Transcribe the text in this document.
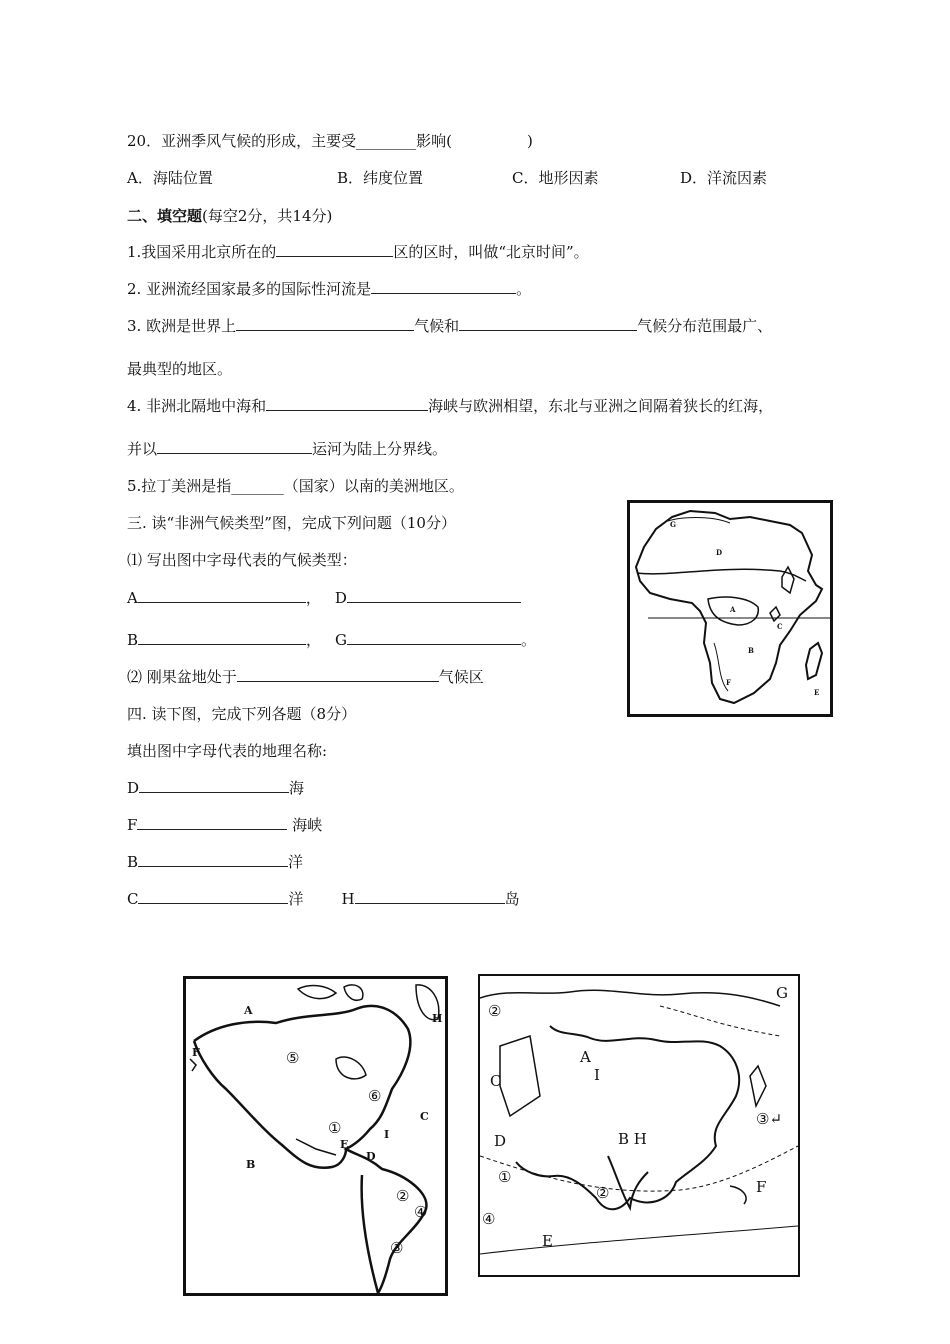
20．亚洲季风气候的形成，主要受________影响(　　　　　)
A．海陆位置	B．纬度位置	C．地形因素	D．洋流因素
二、填空题(每空2分，共14分)
1.我国采用北京所在的	区的区时，叫做“北京时间”。
2. 亚洲流经国家最多的国际性河流是	。
3. 欧洲是世界上	气候和	气候分布范围最广、
最典型的地区。
4. 非洲北隔地中海和	海峡与欧洲相望，东北与亚洲之间隔着狭长的红海，
并以	运河为陆上分界线。
5.拉丁美洲是指_______（国家）以南的美洲地区。
三. 读“非洲气候类型”图，完成下列问题（10分）
⑴ 写出图中字母代表的气候类型：
A	， D
B	， G	。
⑵ 刚果盆地处于	气候区
G
D
A
C
B
F
E
四. 读下图，完成下列各题（8分）
填出图中字母代表的地理名称:
D	海
F	海峡
B	洋
C	洋	H	岛
A
H
F	⑤
⑥
C
①
E
I
D
B
②
④
③
G
②
A
I
C
③↵
D	B H
①
②	F
④
E
